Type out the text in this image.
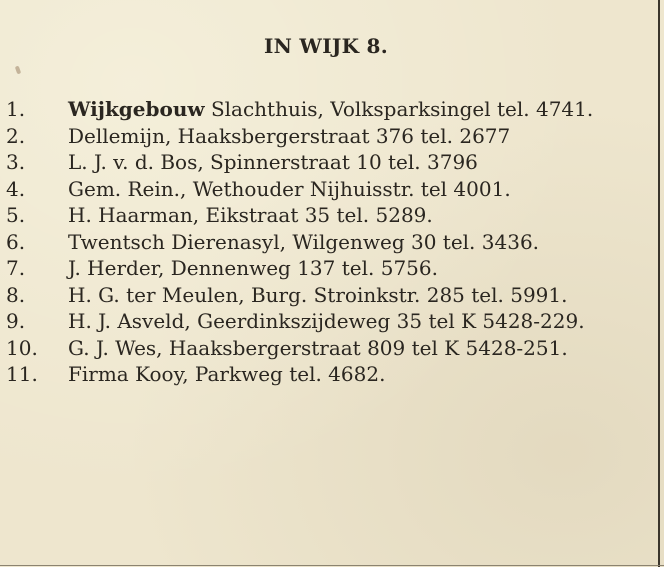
IN WIJK 8.
1.	Wijkgebouw Slachthuis, Volksparksingel tel. 4741.
2.	Dellemijn, Haaksbergerstraat 376 tel. 2677
3.	L. J. v. d. Bos, Spinnerstraat 10 tel. 3796
4.	Gem. Rein., Wethouder Nijhuisstr. tel 4001.
5.	H. Haarman, Eikstraat 35 tel. 5289.
6.	Twentsch Dierenasyl, Wilgenweg 30 tel. 3436.
7.	J. Herder, Dennenweg 137 tel. 5756.
8.	H. G. ter Meulen, Burg. Stroinkstr. 285 tel. 5991.
9.	H. J. Asveld, Geerdinkszijdeweg 35 tel K 5428-229.
10.	G. J. Wes, Haaksbergerstraat 809 tel K 5428-251.
11.	Firma Kooy, Parkweg tel. 4682.
